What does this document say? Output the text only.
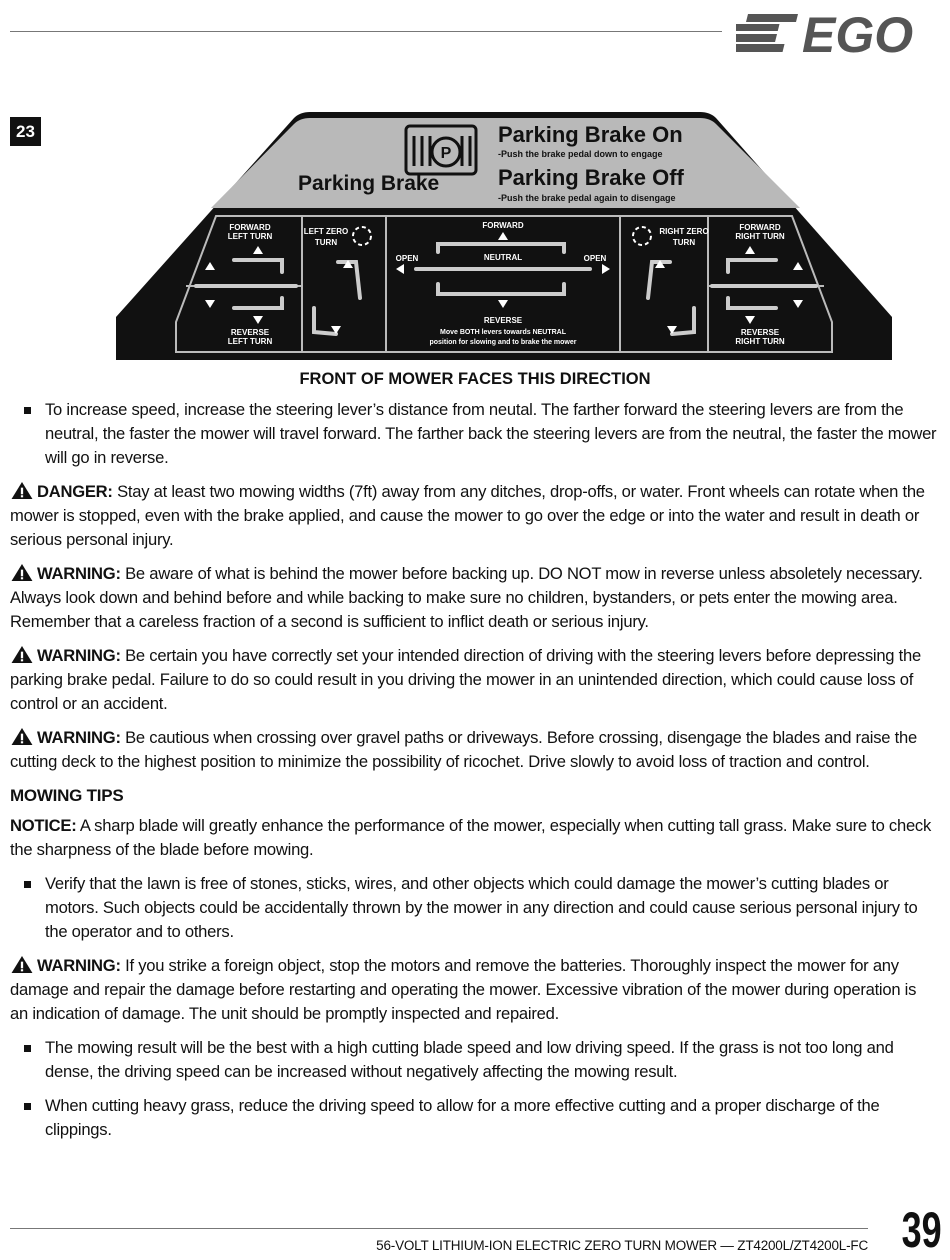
EGO
23
P
Parking Brake
Parking Brake On
-Push the brake pedal down to engage
Parking Brake Off
-Push the brake pedal again to disengage
FORWARD
LEFT TURN
LEFT ZERO
TURN
FORWARD
OPEN	NEUTRAL	OPEN
REVERSE
Move BOTH levers towards NEUTRAL
position for slowing and to brake the mower
RIGHT ZERO
TURN
FORWARD
RIGHT TURN
REVERSE
LEFT TURN
REVERSE
RIGHT TURN
FRONT OF MOWER FACES THIS DIRECTION
To increase speed, increase the steering lever’s distance from neutal. The farther forward the steering levers are from the neutral, the faster the mower will travel forward. The farther back the steering levers are from the neutral, the faster the mower will go in reverse.

DANGER: Stay at least two mowing widths (7ft) away from any ditches, drop-offs, or water. Front wheels can rotate when the mower is stopped, even with the brake applied, and cause the mower to go over the edge or into the water and result in death or serious personal injury.

WARNING: Be aware of what is behind the mower before backing up. DO NOT mow in reverse unless absoletely necessary. Always look down and behind before and while backing to make sure no children, bystanders, or pets enter the mowing area. Remember that a careless fraction of a second is sufficient to inflict death or serious injury.

WARNING: Be certain you have correctly set your intended direction of driving with the steering levers before depressing the parking brake pedal. Failure to do so could result in you driving the mower in an unintended direction, which could cause loss of control or an accident.

WARNING: Be cautious when crossing over gravel paths or driveways. Before crossing, disengage the blades and raise the cutting deck to the highest position to minimize the possibility of ricochet. Drive slowly to avoid loss of traction and control.

MOWING TIPS

NOTICE: A sharp blade will greatly enhance the performance of the mower, especially when cutting tall grass. Make sure to check the sharpness of the blade before mowing.

Verify that the lawn is free of stones, sticks, wires, and other objects which could damage the mower’s cutting blades or motors. Such objects could be accidentally thrown by the mower in any direction and could cause serious personal injury to the operator and to others.

WARNING: If you strike a foreign object, stop the motors and remove the batteries. Thoroughly inspect the mower for any damage and repair the damage before restarting and operating the mower. Excessive vibration of the mower during operation is an indication of damage. The unit should be promptly inspected and repaired.

The mowing result will be the best with a high cutting blade speed and low driving speed. If the grass is not too long and dense, the driving speed can be increased without negatively affecting the mowing result.
When cutting heavy grass, reduce the driving speed to allow for a more effective cutting and a proper discharge of the clippings.
56-VOLT LITHIUM-ION ELECTRIC ZERO TURN MOWER — ZT4200L/ZT4200L-FC 39
